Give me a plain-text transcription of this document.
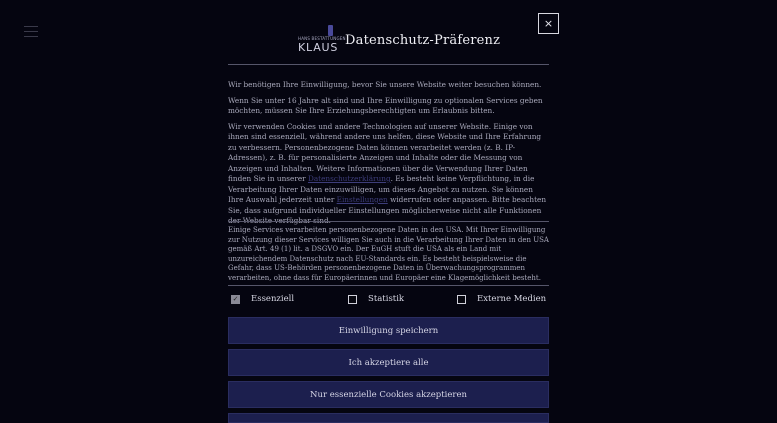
×
HANS BESTATTUNGEN
KLAUS Datenschutz-Präferenz

Wir benötigen Ihre Einwilligung, bevor Sie unsere Website weiter besuchen können.

Wenn Sie unter 16 Jahre alt sind und Ihre Einwilligung zu optionalen Services geben möchten, müssen Sie Ihre Erziehungsberechtigten um Erlaubnis bitten.

Wir verwenden Cookies und andere Technologien auf unserer Website. Einige von ihnen sind essenziell, während andere uns helfen, diese Website und Ihre Erfahrung zu verbessern. Personenbezogene Daten können verarbeitet werden (z. B. IP-Adressen), z. B. für personalisierte Anzeigen und Inhalte oder die Messung von Anzeigen und Inhalten. Weitere Informationen über die Verwendung Ihrer Daten finden Sie in unserer Datenschutzerklärung. Es besteht keine Verpflichtung, in die Verarbeitung Ihrer Daten einzuwilligen, um dieses Angebot zu nutzen. Sie können Ihre Auswahl jederzeit unter Einstellungen widerrufen oder anpassen. Bitte beachten Sie, dass aufgrund individueller Einstellungen möglicherweise nicht alle Funktionen

Einige Services verarbeiten personenbezogene Daten in den USA. Mit Ihrer Einwilligung zur Nutzung dieser Services willigen Sie auch in die Verarbeitung Ihrer Daten in den USA gemäß Art. 49 (1) lit. a DSGVO ein. Der EuGH stuft die USA als ein Land mit unzureichendem Datenschutz nach EU-Standards ein. Es besteht beispielsweise die Gefahr, dass US-Behörden personenbezogene Daten in Überwachungsprogrammen verarbeiten, ohne dass für Europäerinnen und Europäer eine Klagemöglichkeit besteht.
✓ Essenziell	Statistik	Externe Medien
Einwilligung speichern
Ich akzeptiere alle
Nur essenzielle Cookies akzeptieren
